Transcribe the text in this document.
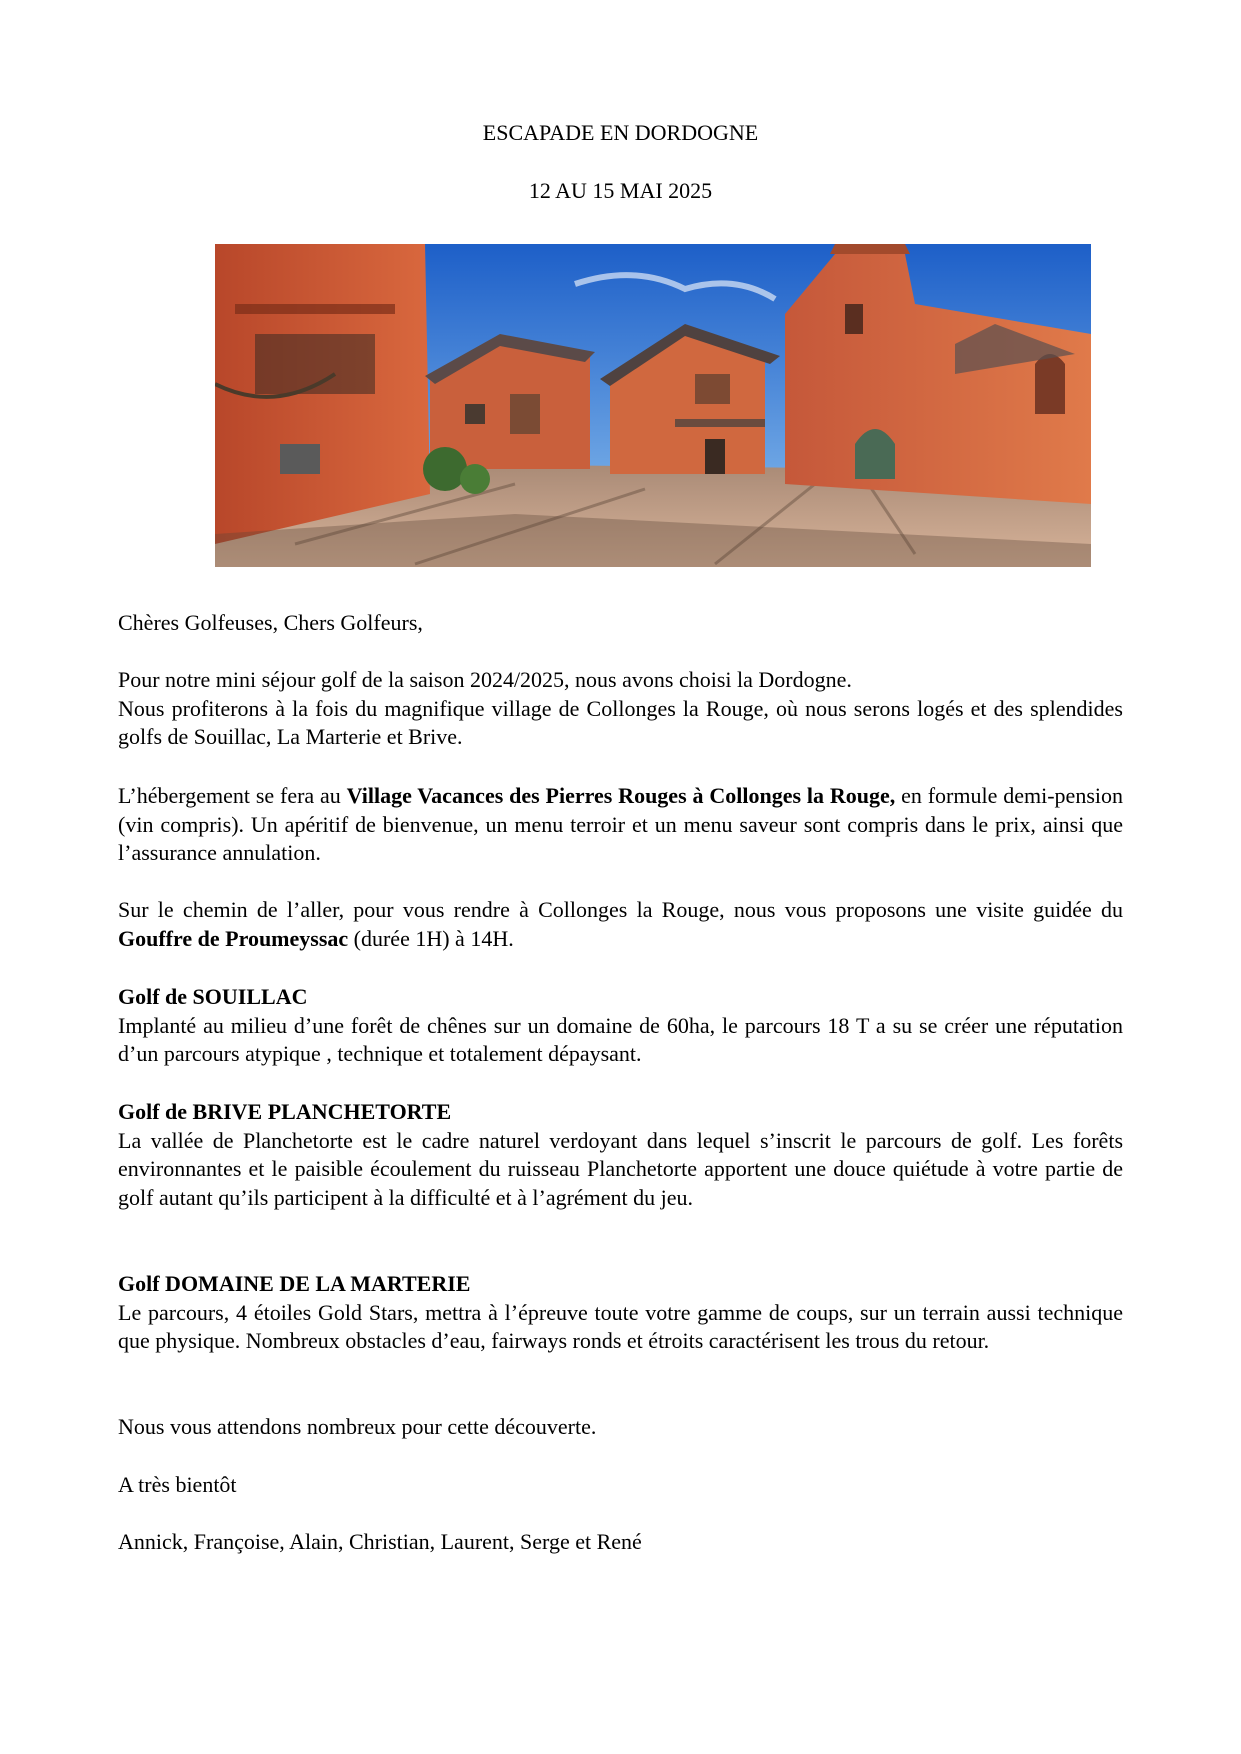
ESCAPADE EN DORDOGNE
12 AU 15 MAI 2025

Chères Golfeuses, Chers Golfeurs,

Pour notre mini séjour golf de la saison 2024/2025, nous avons choisi la Dordogne.

Nous profiterons à la fois du magnifique village de Collonges la Rouge, où nous serons logés et des splendides golfs de Souillac, La Marterie et Brive.

L’hébergement se fera au Village Vacances des Pierres Rouges à Collonges la Rouge, en formule demi-pension (vin compris). Un apéritif de bienvenue, un menu terroir et un menu saveur sont compris dans le prix, ainsi que l’assurance annulation.

Sur le chemin de l’aller, pour vous rendre à Collonges la Rouge, nous vous proposons une visite guidée du Gouffre de Proumeyssac (durée 1H) à 14H.

Golf de SOUILLAC

Implanté au milieu d’une forêt de chênes sur un domaine de 60ha, le parcours 18 T a su se créer une réputation d’un parcours atypique , technique et totalement dépaysant.

Golf de BRIVE PLANCHETORTE

La vallée de Planchetorte est le cadre naturel verdoyant dans lequel s’inscrit le parcours de golf. Les forêts environnantes et le paisible écoulement du ruisseau Planchetorte apportent une douce quiétude à votre partie de golf autant qu’ils participent à la difficulté et à l’agrément du jeu.

Golf DOMAINE DE LA MARTERIE

Le parcours, 4 étoiles Gold Stars, mettra à l’épreuve toute votre gamme de coups, sur un terrain aussi technique que physique. Nombreux obstacles d’eau, fairways ronds et étroits caractérisent les trous du retour.

Nous vous attendons nombreux pour cette découverte.

A très bientôt

Annick, Françoise, Alain, Christian, Laurent, Serge et René
